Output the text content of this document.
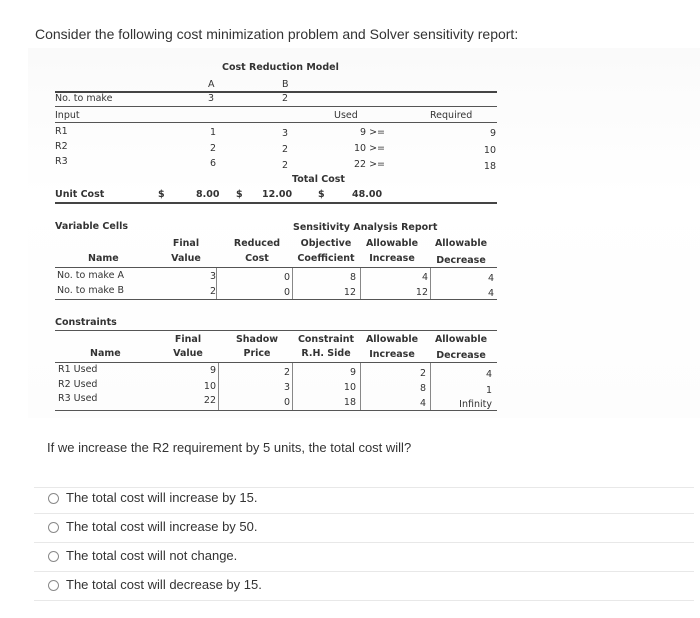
Consider the following cost minimization problem and Solver sensitivity report:
Cost Reduction Model
A	B
No. to make	3	2
Input	Used	Required
R1	1	3	9 >=	9
R2	2	2	10 >=	10
R3	6	2	22 >=	18
Total Cost
Unit Cost	$	8.00 $ 12.00	$	48.00
Variable Cells	Sensitivity Analysis Report
Final	Reduced	Objective	Allowable Allowable
Name	Value	Cost	Coefficient	Increase	Decrease
No. to make A	3	0	8	4	4
No. to make B	2	0	12	12	4
Constraints
Final	Shadow	Constraint Allowable Allowable
Name	Value	Price	R.H. Side	Increase	Decrease
R1 Used	9	2	9	2	4
R2 Used	10	3	10	8	1
R3 Used	22	0	18	4	Infinity
If we increase the R2 requirement by 5 units, the total cost will?
The total cost will increase by 15.
The total cost will increase by 50.
The total cost will not change.
The total cost will decrease by 15.
